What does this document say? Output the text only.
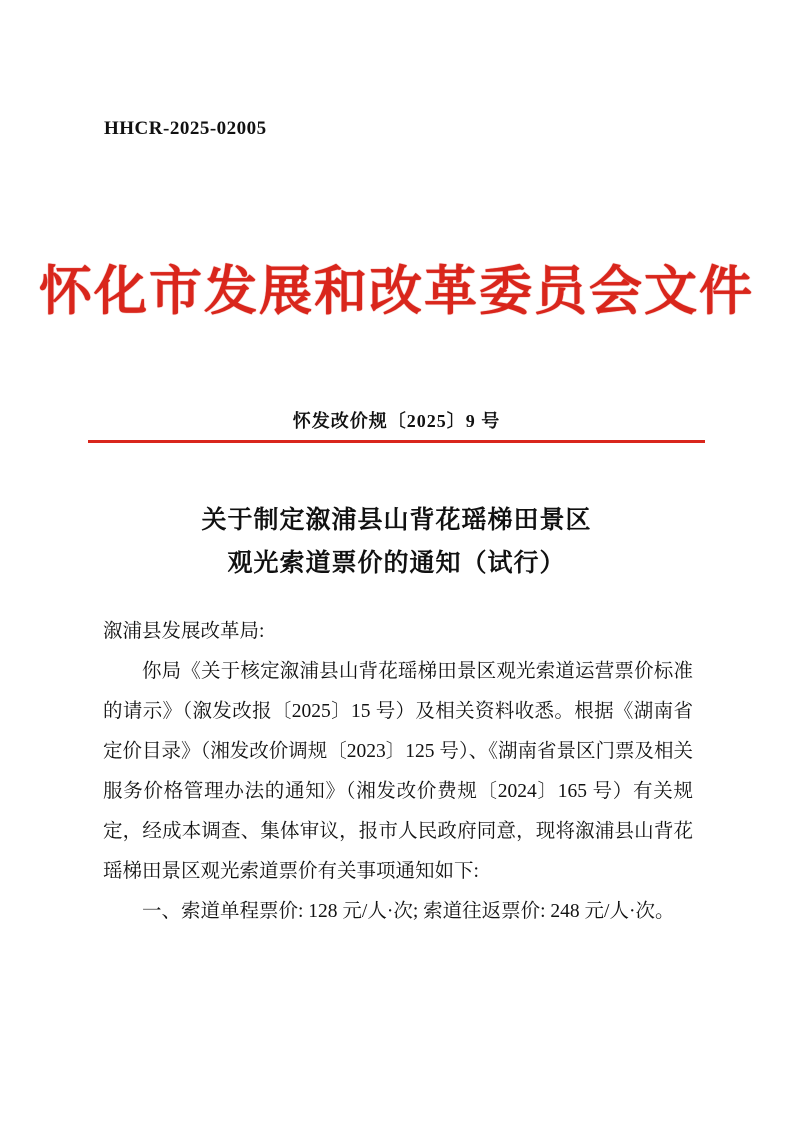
HHCR-2025-02005
怀化市发展和改革委员会文件
怀发改价规〔2025〕9 号
关于制定溆浦县山背花瑶梯田景区
观光索道票价的通知（试行）

溆浦县发展改革局:

你局《关于核定溆浦县山背花瑶梯田景区观光索道运营票价标准的请示》（溆发改报〔2025〕15 号）及相关资料收悉。根据《湖南省定价目录》（湘发改价调规〔2023〕125 号）、《湖南省景区门票及相关服务价格管理办法的通知》（湘发改价费规〔2024〕165 号）有关规定，经成本调查、集体审议，报市人民政府同意，现将溆浦县山背花瑶梯田景区观光索道票价有关事项通知如下:

一、索道单程票价: 128 元/人·次; 索道往返票价: 248 元/人·次。
